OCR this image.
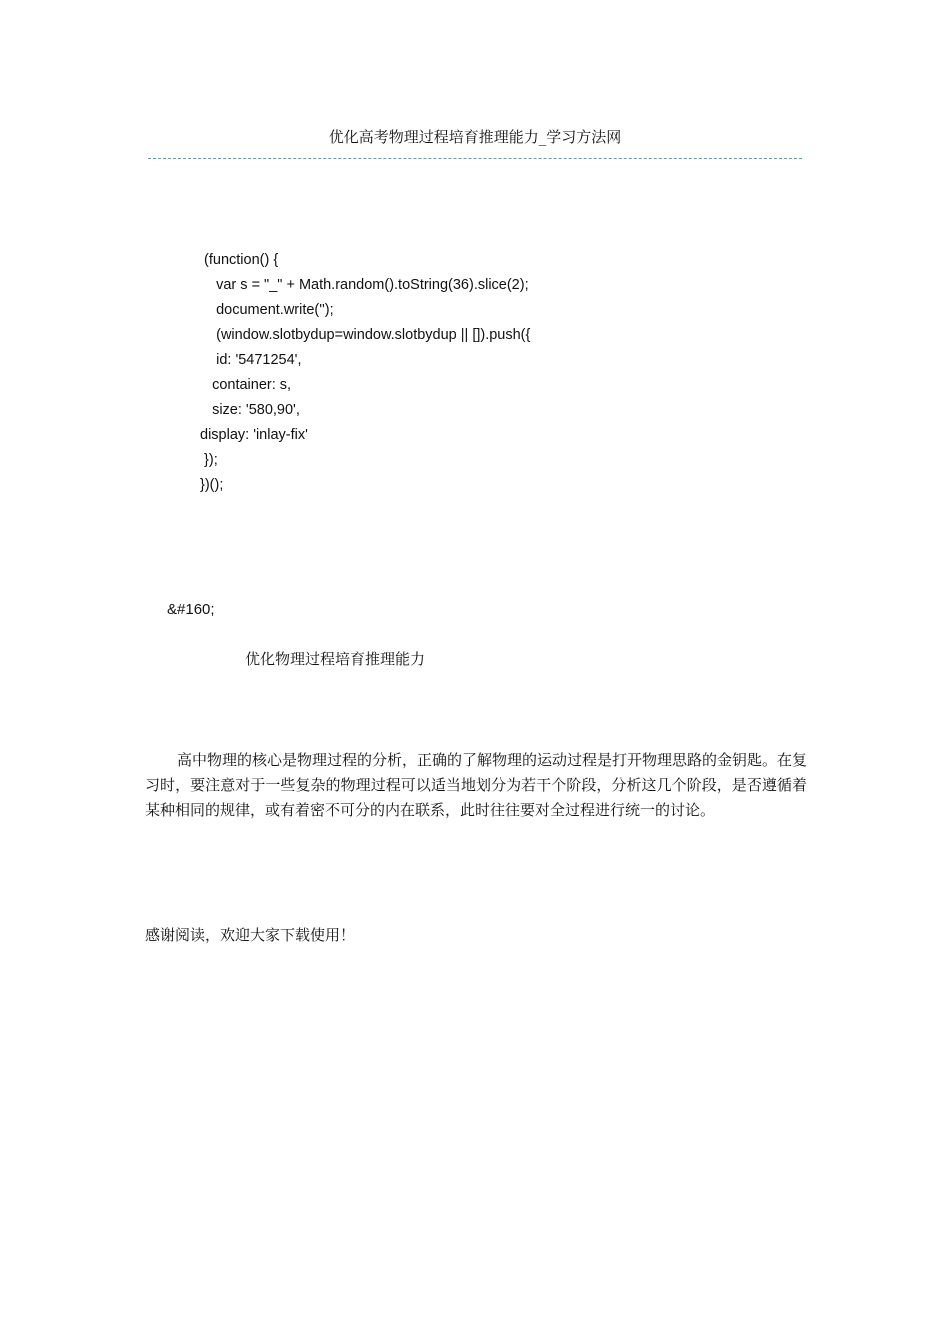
优化高考物理过程培育推理能力_学习方法网
(function() {
var s = "_" + Math.random().toString(36).slice(2);
document.write('');
(window.slotbydup=window.slotbydup || []).push({
id: '5471254',
container: s,
size: '580,90',
display: 'inlay-fix'
});
})();
&#160;
优化物理过程培育推理能力

高中物理的核心是物理过程的分析，正确的了解物理的运动过程是打开物理思路的金钥匙。在复习时，要注意对于一些复杂的物理过程可以适当地划分为若干个阶段，分析这几个阶段，是否遵循着某种相同的规律，或有着密不可分的内在联系，此时往往要对全过程进行统一的讨论。

感谢阅读，欢迎大家下载使用！
